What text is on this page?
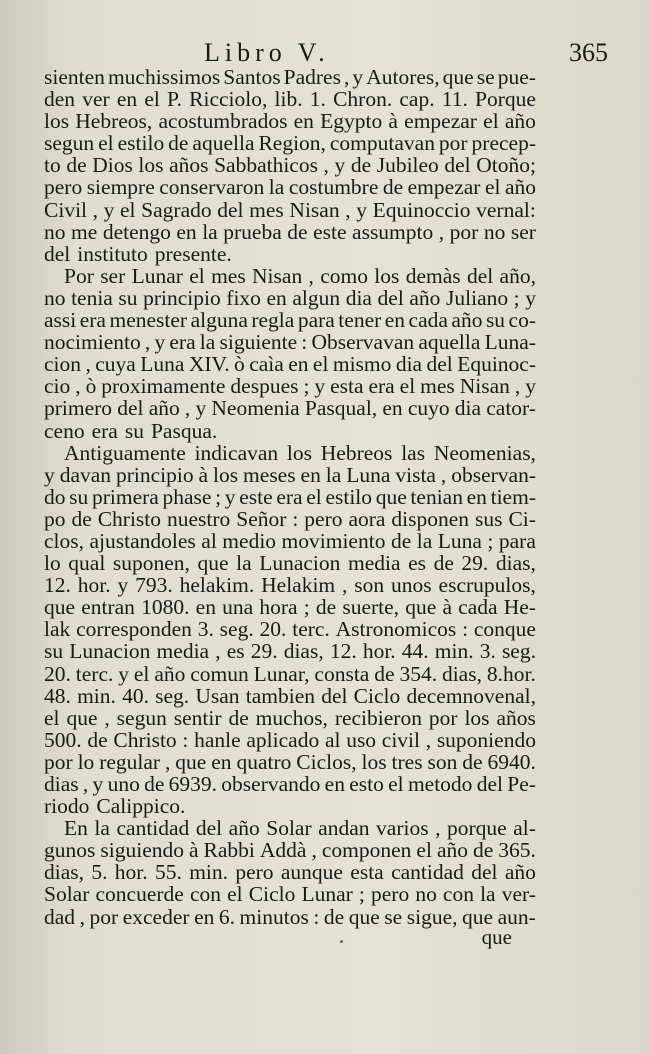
Libro V.	365
sienten muchissimos Santos Padres , y Autores, que se pue-
den ver en el P. Ricciolo, lib. 1. Chron. cap. 11. Porque
los Hebreos, acostumbrados en Egypto à empezar el año
segun el estilo de aquella Region, computavan por precep-
to de Dios los años Sabbathicos , y de Jubileo del Otoño;
pero siempre conservaron la costumbre de empezar el año
Civil , y el Sagrado del mes Nisan , y Equinoccio vernal:
no me detengo en la prueba de este assumpto , por no ser
del instituto presente.
Por ser Lunar el mes Nisan , como los demàs del año,
no tenia su principio fixo en algun dia del año Juliano ; y
assi era menester alguna regla para tener en cada año su co-
nocimiento , y era la siguiente : Observavan aquella Luna-
cion , cuya Luna XIV. ò caìa en el mismo dia del Equinoc-
cio , ò proximamente despues ; y esta era el mes Nisan , y
primero del año , y Neomenia Pasqual, en cuyo dia cator-
ceno era su Pasqua.
Antiguamente indicavan los Hebreos las Neomenias,
y davan principio à los meses en la Luna vista , observan-
do su primera phase ; y este era el estilo que tenian en tiem-
po de Christo nuestro Señor : pero aora disponen sus Ci-
clos, ajustandoles al medio movimiento de la Luna ; para
lo qual suponen, que la Lunacion media es de 29. dias,
12. hor. y 793. helakim. Helakim , son unos escrupulos,
que entran 1080. en una hora ; de suerte, que à cada He-
lak corresponden 3. seg. 20. terc. Astronomicos : conque
su Lunacion media , es 29. dias, 12. hor. 44. min. 3. seg.
20. terc. y el año comun Lunar, consta de 354. dias, 8.hor.
48. min. 40. seg. Usan tambien del Ciclo decemnovenal,
el que , segun sentir de muchos, recibieron por los años
500. de Christo : hanle aplicado al uso civil , suponiendo
por lo regular , que en quatro Ciclos, los tres son de 6940.
dias , y uno de 6939. observando en esto el metodo del Pe-
riodo Calippico.
En la cantidad del año Solar andan varios , porque al-
gunos siguiendo à Rabbi Addà , componen el año de 365.
dias, 5. hor. 55. min. pero aunque esta cantidad del año
Solar concuerde con el Ciclo Lunar ; pero no con la ver-
dad , por exceder en 6. minutos : de que se sigue, que aun-
que
